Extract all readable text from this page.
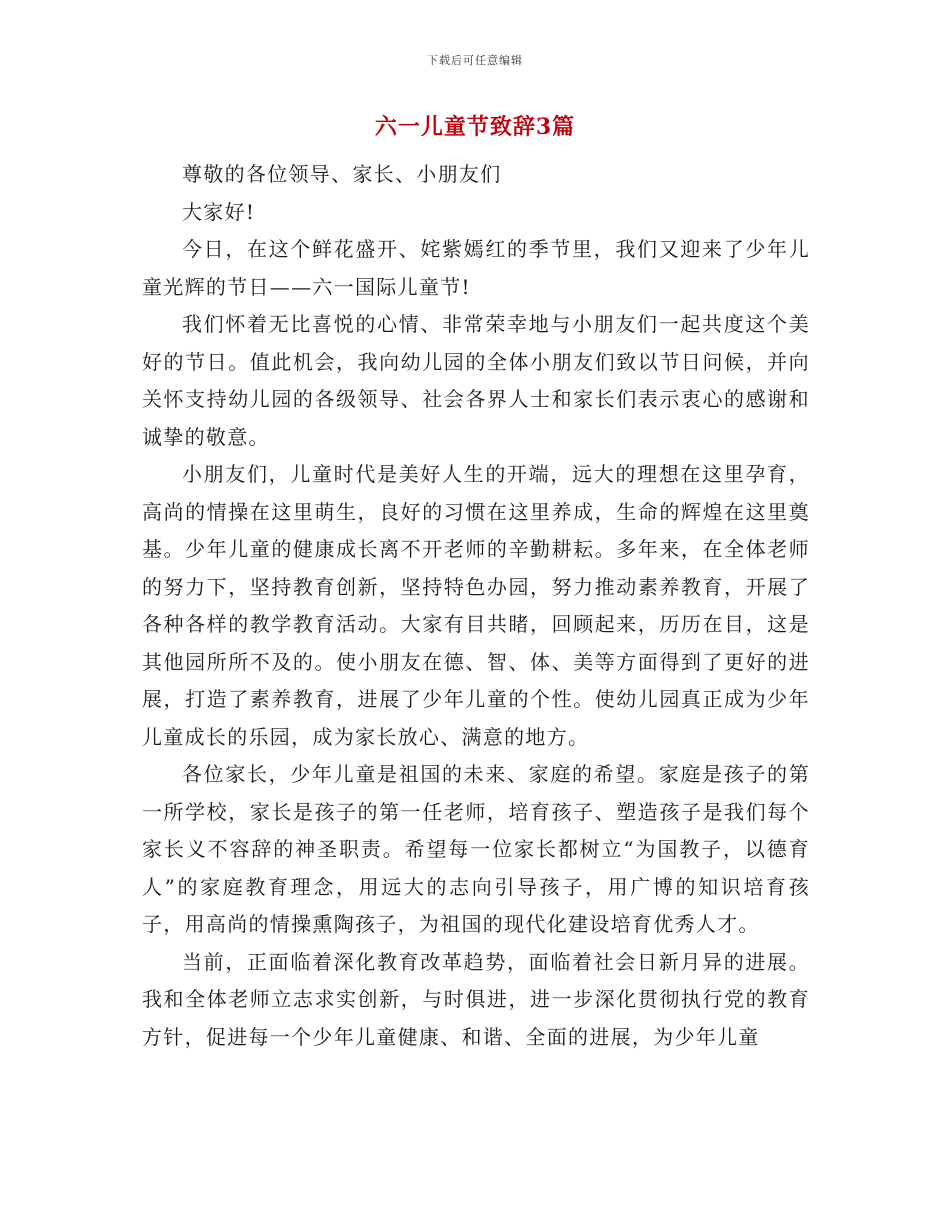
下载后可任意编辑
六一儿童节致辞3篇

尊敬的各位领导、家长、小朋友们

大家好!

今日，在这个鲜花盛开、姹紫嫣红的季节里，我们又迎来了少年儿童光辉的节日——六一国际儿童节!

我们怀着无比喜悦的心情、非常荣幸地与小朋友们一起共度这个美好的节日。值此机会，我向幼儿园的全体小朋友们致以节日问候，并向关怀支持幼儿园的各级领导、社会各界人士和家长们表示衷心的感谢和诚挚的敬意。

小朋友们，儿童时代是美好人生的开端，远大的理想在这里孕育，高尚的情操在这里萌生，良好的习惯在这里养成，生命的辉煌在这里奠基。少年儿童的健康成长离不开老师的辛勤耕耘。多年来，在全体老师的努力下，坚持教育创新，坚持特色办园，努力推动素养教育，开展了各种各样的教学教育活动。大家有目共睹，回顾起来，历历在目，这是其他园所所不及的。使小朋友在德、智、体、美等方面得到了更好的进展，打造了素养教育，进展了少年儿童的个性。使幼儿园真正成为少年儿童成长的乐园，成为家长放心、满意的地方。

各位家长，少年儿童是祖国的未来、家庭的希望。家庭是孩子的第一所学校，家长是孩子的第一任老师，培育孩子、塑造孩子是我们每个家长义不容辞的神圣职责。希望每一位家长都树立“为国教子，以德育人”的家庭教育理念，用远大的志向引导孩子，用广博的知识培育孩子，用高尚的情操熏陶孩子，为祖国的现代化建设培育优秀人才。

当前，正面临着深化教育改革趋势，面临着社会日新月异的进展。我和全体老师立志求实创新，与时俱进，进一步深化贯彻执行党的教育方针，促进每一个少年儿童健康、和谐、全面的进展，为少年儿童
